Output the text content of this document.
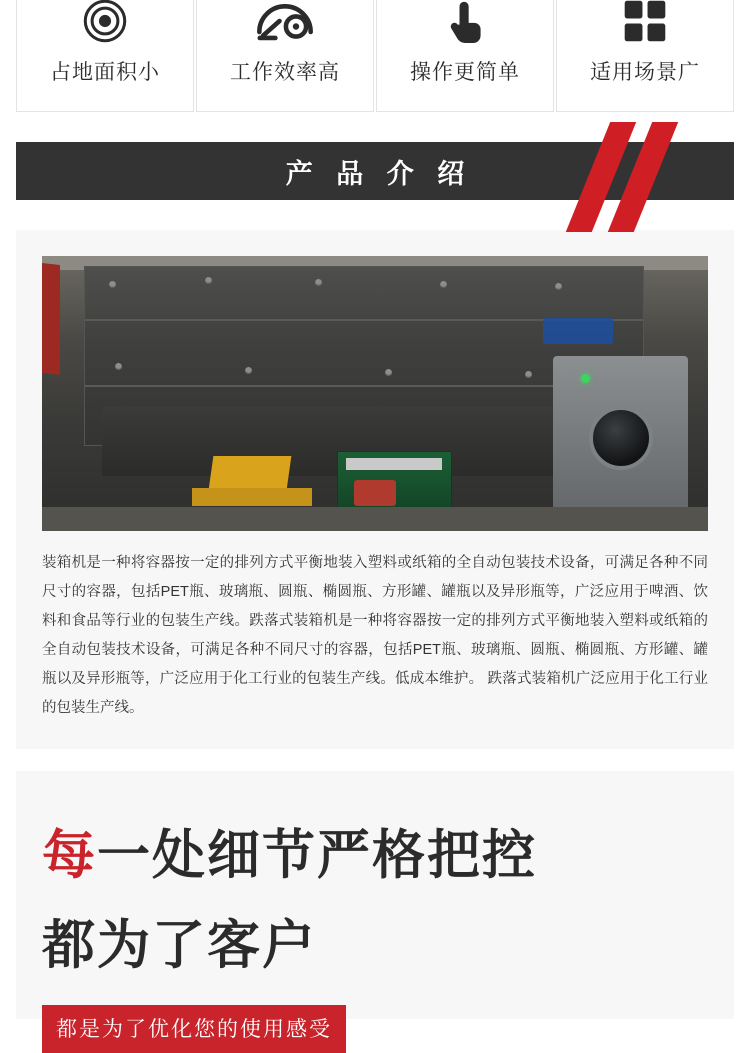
占地面积小	工作效率高	操作更简单	适用场景广
产 品 介 绍
装箱机是一种将容器按一定的排列方式平衡地装入塑料或纸箱的全自动包装技术设备，可满足各种不同尺寸的容器，包括PET瓶、玻璃瓶、圆瓶、椭圆瓶、方形罐、罐瓶以及异形瓶等，广泛应用于啤酒、饮料和食品等行业的包装生产线。跌落式装箱机是一种将容器按一定的排列方式平衡地装入塑料或纸箱的全自动包装技术设备，可满足各种不同尺寸的容器，包括PET瓶、玻璃瓶、圆瓶、椭圆瓶、方形罐、罐瓶以及异形瓶等，广泛应用于化工行业的包装生产线。低成本维护。 跌落式装箱机广泛应用于化工行业的包装生产线。
每一处细节严格把控
都为了客户
都是为了优化您的使用感受
